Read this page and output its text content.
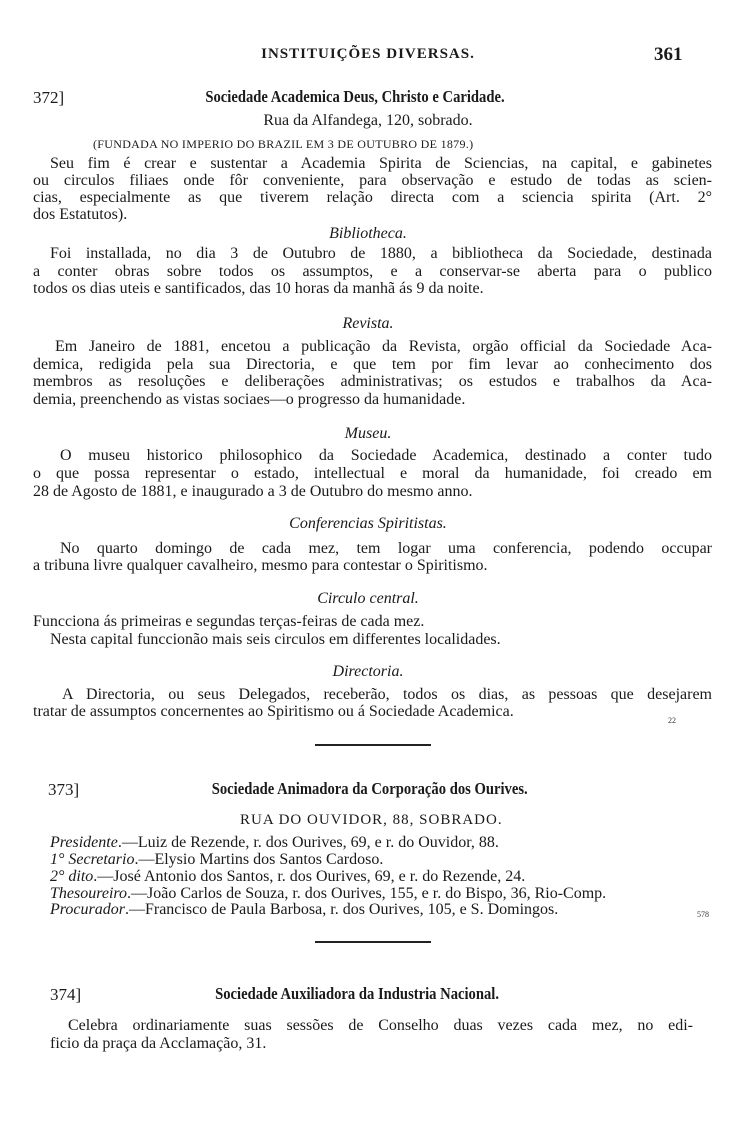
INSTITUIÇÕES DIVERSAS.	361
372]	Sociedade Academica Deus, Christo e Caridade.
Rua da Alfandega, 120, sobrado.
(FUNDADA NO IMPERIO DO BRAZIL EM 3 DE OUTUBRO DE 1879.)
Seu fim é crear e sustentar a Academia Spirita de Sciencias, na capital, e gabinetes
ou circulos filiaes onde fôr conveniente, para observação e estudo de todas as scien-
cias, especialmente as que tiverem relação directa com a sciencia spirita (Art. 2°
dos Estatutos).
Bibliotheca.
Foi installada, no dia 3 de Outubro de 1880, a bibliotheca da Sociedade, destinada
a conter obras sobre todos os assumptos, e a conservar-se aberta para o publico
todos os dias uteis e santificados, das 10 horas da manhã ás 9 da noite.
Revista.
Em Janeiro de 1881, encetou a publicação da Revista, orgão official da Sociedade Aca-
demica, redigida pela sua Directoria, e que tem por fim levar ao conhecimento dos
membros as resoluções e deliberações administrativas; os estudos e trabalhos da Aca-
demia, preenchendo as vistas sociaes—o progresso da humanidade.
Museu.
O museu historico philosophico da Sociedade Academica, destinado a conter tudo
o que possa representar o estado, intellectual e moral da humanidade, foi creado em
28 de Agosto de 1881, e inaugurado a 3 de Outubro do mesmo anno.
Conferencias Spiritistas.
No quarto domingo de cada mez, tem logar uma conferencia, podendo occupar
a tribuna livre qualquer cavalheiro, mesmo para contestar o Spiritismo.
Circulo central.
Funcciona ás primeiras e segundas terças-feiras de cada mez.
Nesta capital funccionão mais seis circulos em differentes localidades.
Directoria.
A Directoria, ou seus Delegados, receberão, todos os dias, as pessoas que desejarem
tratar de assumptos concernentes ao Spiritismo ou á Sociedade Academica.
22
373]	Sociedade Animadora da Corporação dos Ourives.
RUA DO OUVIDOR, 88, SOBRADO.
Presidente.—Luiz de Rezende, r. dos Ourives, 69, e r. do Ouvidor, 88.
1° Secretario.—Elysio Martins dos Santos Cardoso.
2° dito.—José Antonio dos Santos, r. dos Ourives, 69, e r. do Rezende, 24.
Thesoureiro.—João Carlos de Souza, r. dos Ourives, 155, e r. do Bispo, 36, Rio-Comp.
Procurador.—Francisco de Paula Barbosa, r. dos Ourives, 105, e S. Domingos.	578
374]	Sociedade Auxiliadora da Industria Nacional.
Celebra ordinariamente suas sessões de Conselho duas vezes cada mez, no edi-
ficio da praça da Acclamação, 31.
